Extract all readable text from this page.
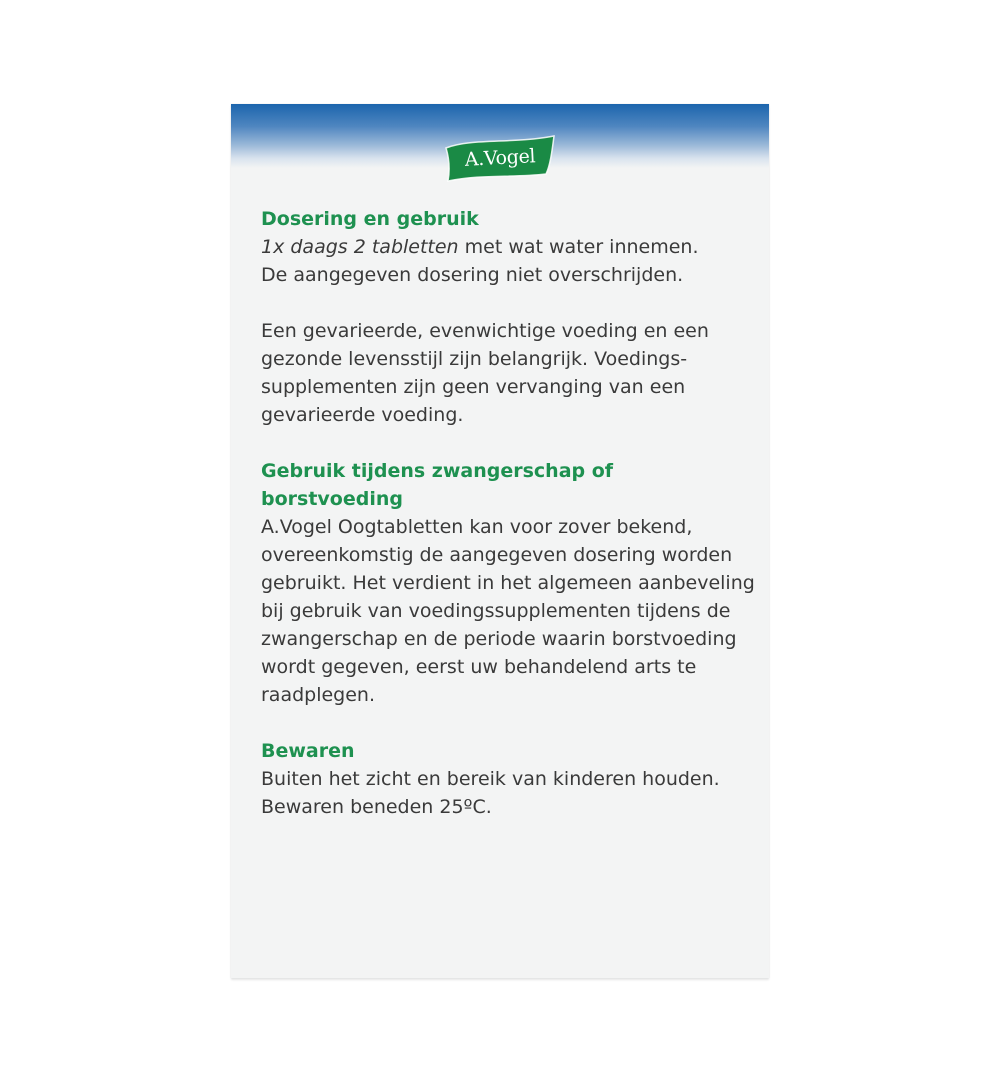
A.Vogel

Dosering en gebruik

1x daags 2 tabletten met wat water innemen.

De aangegeven dosering niet overschrijden.

Een gevarieerde, evenwichtige voeding en een

gezonde levensstijl zijn belangrijk. Voedings-

supplementen zijn geen vervanging van een

gevarieerde voeding.

Gebruik tijdens zwangerschap of borstvoeding

A.Vogel Oogtabletten kan voor zover bekend,

overeenkomstig de aangegeven dosering worden

gebruikt. Het verdient in het algemeen aanbeveling

bij gebruik van voedingssupplementen tijdens de

zwangerschap en de periode waarin borstvoeding

wordt gegeven, eerst uw behandelend arts te

raadplegen.

Bewaren

Buiten het zicht en bereik van kinderen houden.

Bewaren beneden 25ºC.
